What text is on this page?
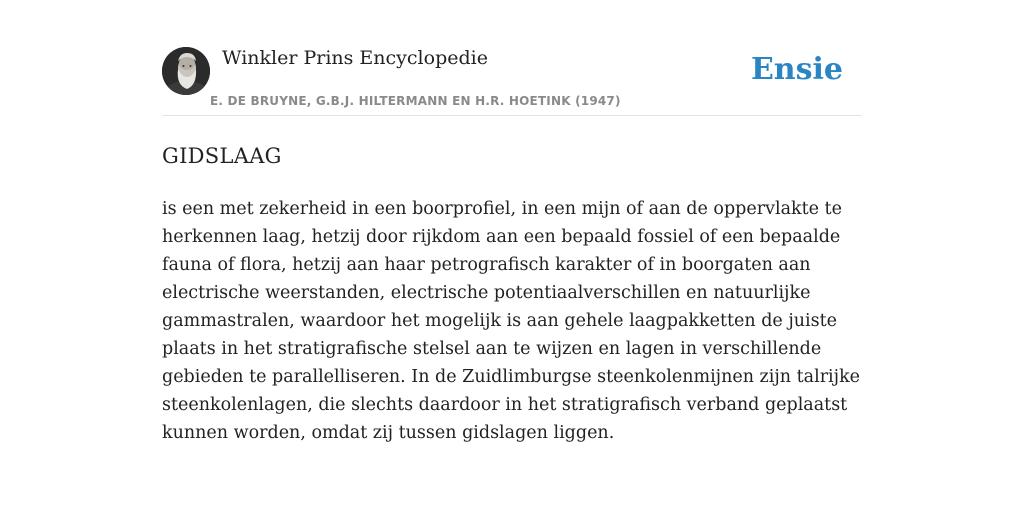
Winkler Prins Encyclopedie
E. DE BRUYNE, G.B.J. HILTERMANN EN H.R. HOETINK (1947)
Ensie
GIDSLAAG

is een met zekerheid in een boorprofiel, in een mijn of aan de oppervlakte te herkennen laag, hetzij door rijkdom aan een bepaald fossiel of een bepaalde fauna of flora, hetzij aan haar petrografisch karakter of in boorgaten aan electrische weerstanden, electrische potentiaalverschillen en natuurlijke gammastralen, waardoor het mogelijk is aan gehele laagpakketten de juiste plaats in het stratigrafische stelsel aan te wijzen en lagen in verschillende gebieden te parallelliseren. In de Zuidlimburgse steenkolenmijnen zijn talrijke steenkolenlagen, die slechts daardoor in het stratigrafisch verband geplaatst kunnen worden, omdat zij tussen gidslagen liggen.
